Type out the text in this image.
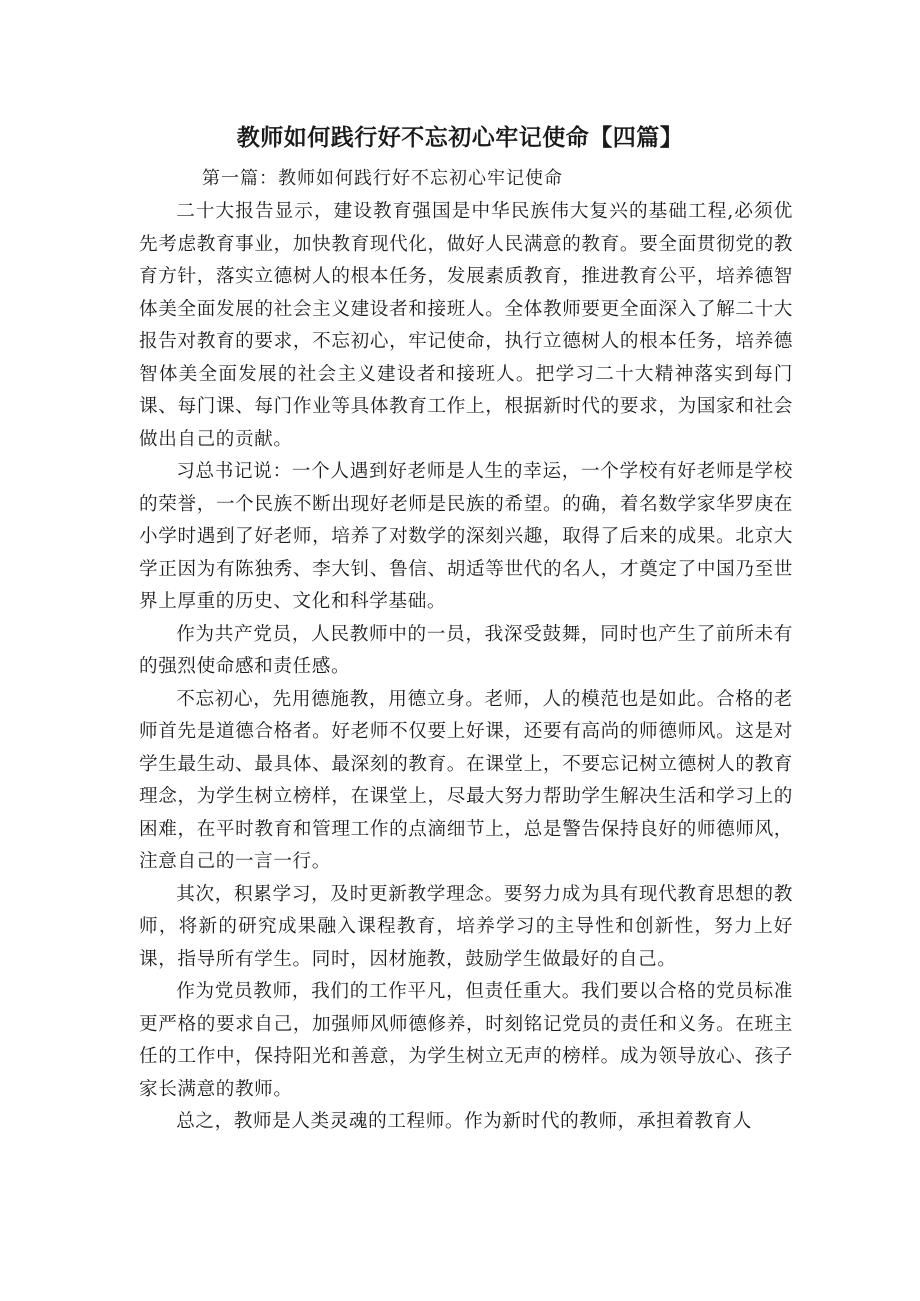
教师如何践行好不忘初心牢记使命【四篇】

第一篇：教师如何践行好不忘初心牢记使命

二十大报告显示，建设教育强国是中华民族伟大复兴的基础工程,必须优先考虑教育事业，加快教育现代化，做好人民满意的教育。要全面贯彻党的教育方针，落实立德树人的根本任务，发展素质教育，推进教育公平，培养德智体美全面发展的社会主义建设者和接班人。全体教师要更全面深入了解二十大报告对教育的要求，不忘初心，牢记使命，执行立德树人的根本任务，培养德智体美全面发展的社会主义建设者和接班人。把学习二十大精神落实到每门课、每门课、每门作业等具体教育工作上，根据新时代的要求，为国家和社会做出自己的贡献。

习总书记说：一个人遇到好老师是人生的幸运，一个学校有好老师是学校的荣誉，一个民族不断出现好老师是民族的希望。的确，着名数学家华罗庚在小学时遇到了好老师，培养了对数学的深刻兴趣，取得了后来的成果。北京大学正因为有陈独秀、李大钊、鲁信、胡适等世代的名人，才奠定了中国乃至世界上厚重的历史、文化和科学基础。

作为共产党员，人民教师中的一员，我深受鼓舞，同时也产生了前所未有的强烈使命感和责任感。

不忘初心，先用德施教，用德立身。老师，人的模范也是如此。合格的老师首先是道德合格者。好老师不仅要上好课，还要有高尚的师德师风。这是对学生最生动、最具体、最深刻的教育。在课堂上，不要忘记树立德树人的教育理念，为学生树立榜样，在课堂上，尽最大努力帮助学生解决生活和学习上的困难，在平时教育和管理工作的点滴细节上，总是警告保持良好的师德师风，注意自己的一言一行。

其次，积累学习，及时更新教学理念。要努力成为具有现代教育思想的教师，将新的研究成果融入课程教育，培养学习的主导性和创新性，努力上好课，指导所有学生。同时，因材施教，鼓励学生做最好的自己。

作为党员教师，我们的工作平凡，但责任重大。我们要以合格的党员标准更严格的要求自己，加强师风师德修养，时刻铭记党员的责任和义务。在班主任的工作中，保持阳光和善意，为学生树立无声的榜样。成为领导放心、孩子家长满意的教师。

总之，教师是人类灵魂的工程师。作为新时代的教师，承担着教育人
